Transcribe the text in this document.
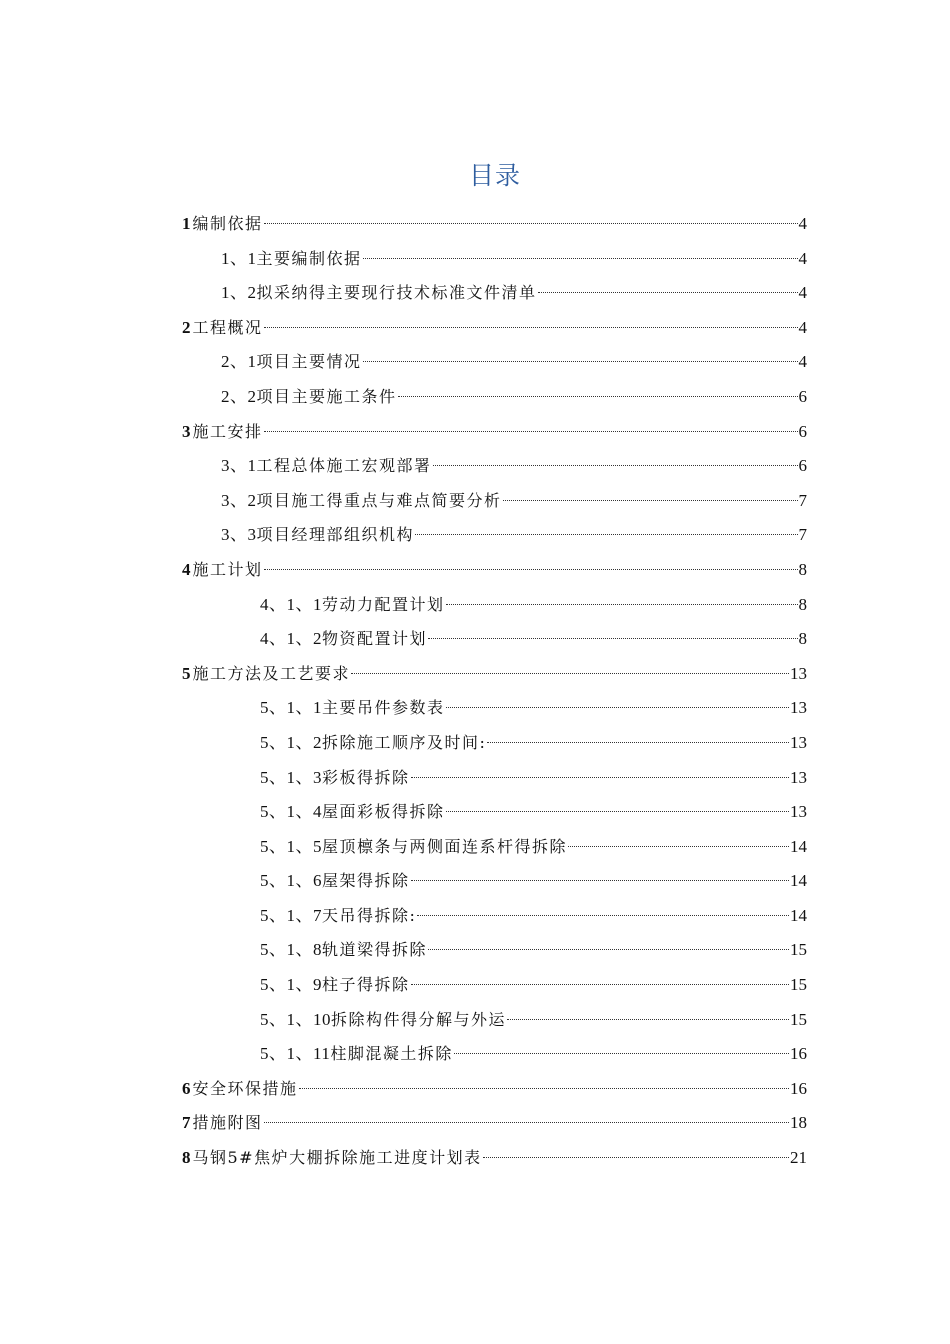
目录
1 编制依据	4
1、1 主要编制依据	4
1、2 拟采纳得主要现行技术标准文件清单	4
2 工程概况	4
2、1 项目主要情况	4
2、2 项目主要施工条件	6
3 施工安排	6
3、1 工程总体施工宏观部署	6
3、2 项目施工得重点与难点简要分析	7
3、3 项目经理部组织机构	7
4 施工计划	8
4、1、1 劳动力配置计划	8
4、1、2 物资配置计划	8
5 施工方法及工艺要求	13
5、1、1 主要吊件参数表	13
5、1、2 拆除施工顺序及时间:	13
5、1、3 彩板得拆除	13
5、1、4 屋面彩板得拆除	13
5、1、5 屋顶檩条与两侧面连系杆得拆除	14
5、1、6 屋架得拆除	14
5、1、7 天吊得拆除:	14
5、1、8 轨道梁得拆除	15
5、1、9 柱子得拆除	15
5、1、10 拆除构件得分解与外运	15
5、1、11 柱脚混凝土拆除	16
6 安全环保措施	16
7 措施附图	18
8 马钢5#焦炉大棚拆除施工进度计划表	21
